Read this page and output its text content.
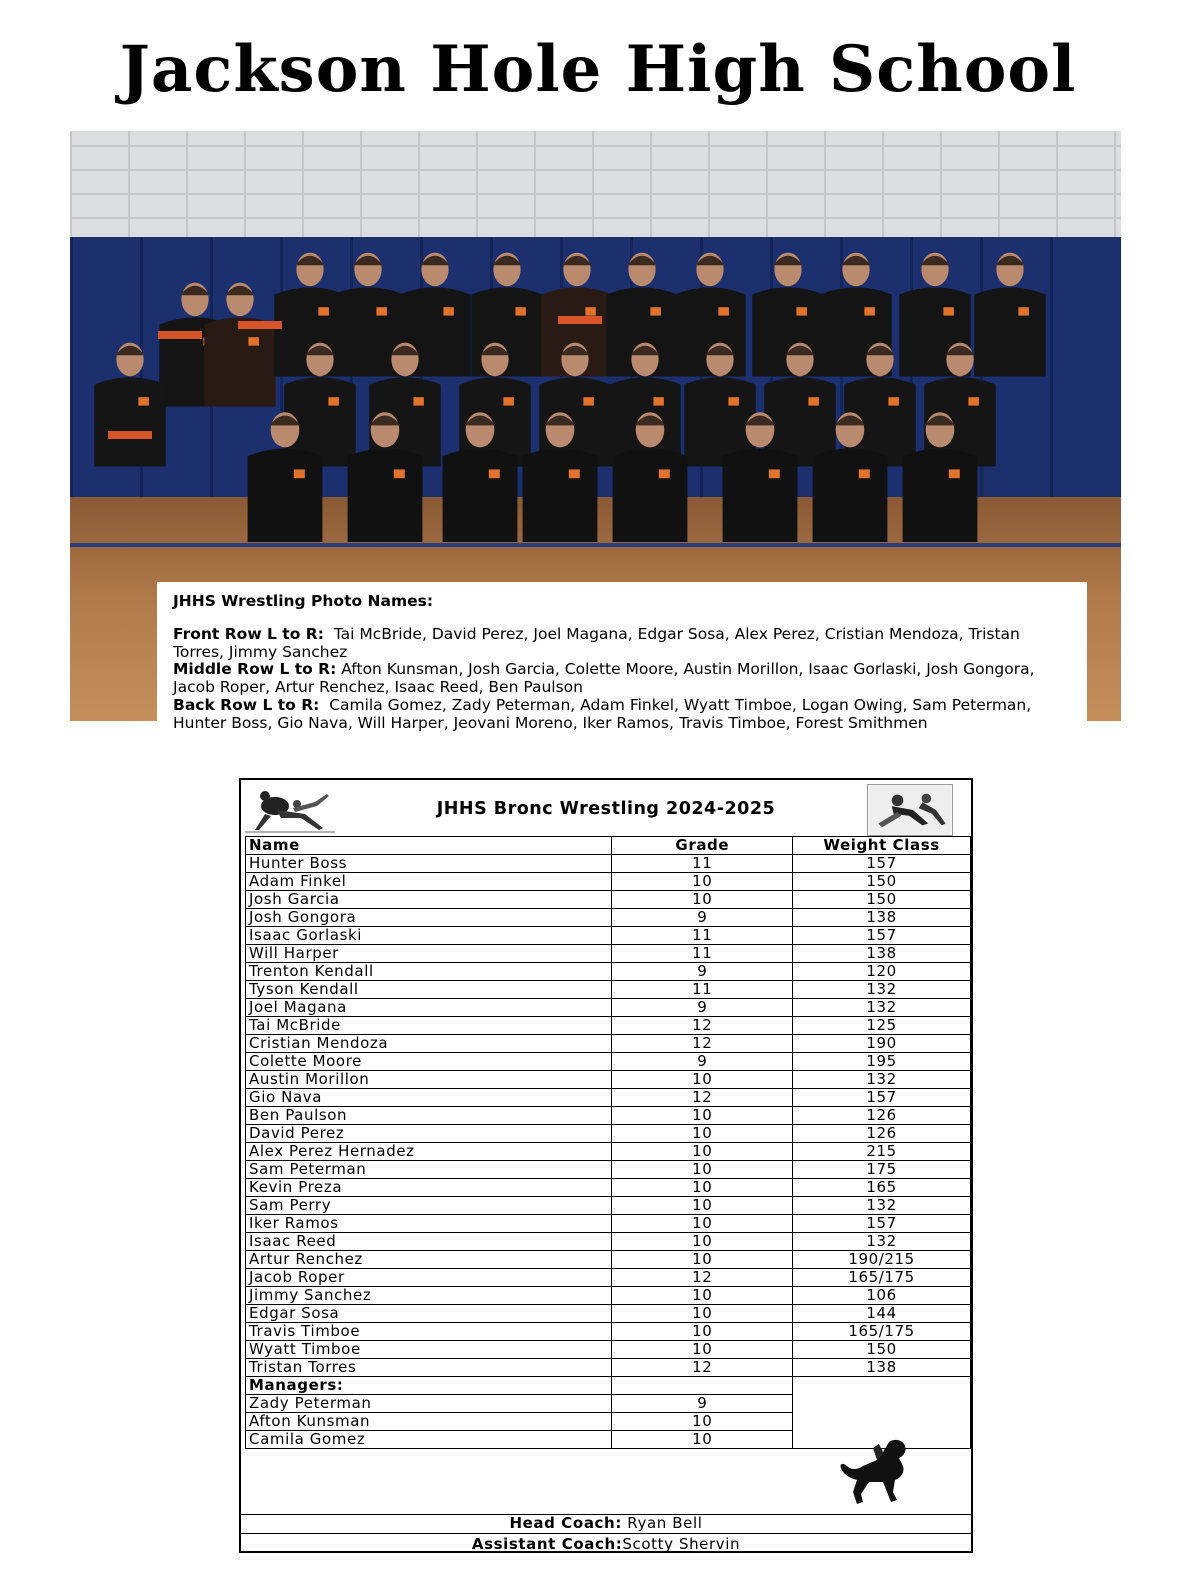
Jackson Hole High School
JHHS Wrestling Photo Names:
Front Row L to R: Tai McBride, David Perez, Joel Magana, Edgar Sosa, Alex Perez, Cristian Mendoza, Tristan Torres, Jimmy Sanchez
Middle Row L to R: Afton Kunsman, Josh Garcia, Colette Moore, Austin Morillon, Isaac Gorlaski, Josh Gongora, Jacob Roper, Artur Renchez, Isaac Reed, Ben Paulson
Back Row L to R: Camila Gomez, Zady Peterman, Adam Finkel, Wyatt Timboe, Logan Owing, Sam Peterman, Hunter Boss, Gio Nava, Will Harper, Jeovani Moreno, Iker Ramos, Travis Timboe, Forest Smithmen
JHHS Bronc Wrestling 2024-2025
Name	Grade	Weight Class
Hunter Boss	11	157
Adam Finkel	10	150
Josh Garcia	10	150
Josh Gongora	9	138
Isaac Gorlaski	11	157
Will Harper	11	138
Trenton Kendall	9	120
Tyson Kendall	11	132
Joel Magana	9	132
Tai McBride	12	125
Cristian Mendoza	12	190
Colette Moore	9	195
Austin Morillon	10	132
Gio Nava	12	157
Ben Paulson	10	126
David Perez	10	126
Alex Perez Hernadez	10	215
Sam Peterman	10	175
Kevin Preza	10	165
Sam Perry	10	132
Iker Ramos	10	157
Isaac Reed	10	132
Artur Renchez	10	190/215
Jacob Roper	12	165/175
Jimmy Sanchez	10	106
Edgar Sosa	10	144
Travis Timboe	10	165/175
Wyatt Timboe	10	150
Tristan Torres	12	138
Managers:		
Zady Peterman	9	
Afton Kunsman	10	
Camila Gomez	10	
Head Coach: Ryan Bell
Assistant Coach:Scotty Shervin
